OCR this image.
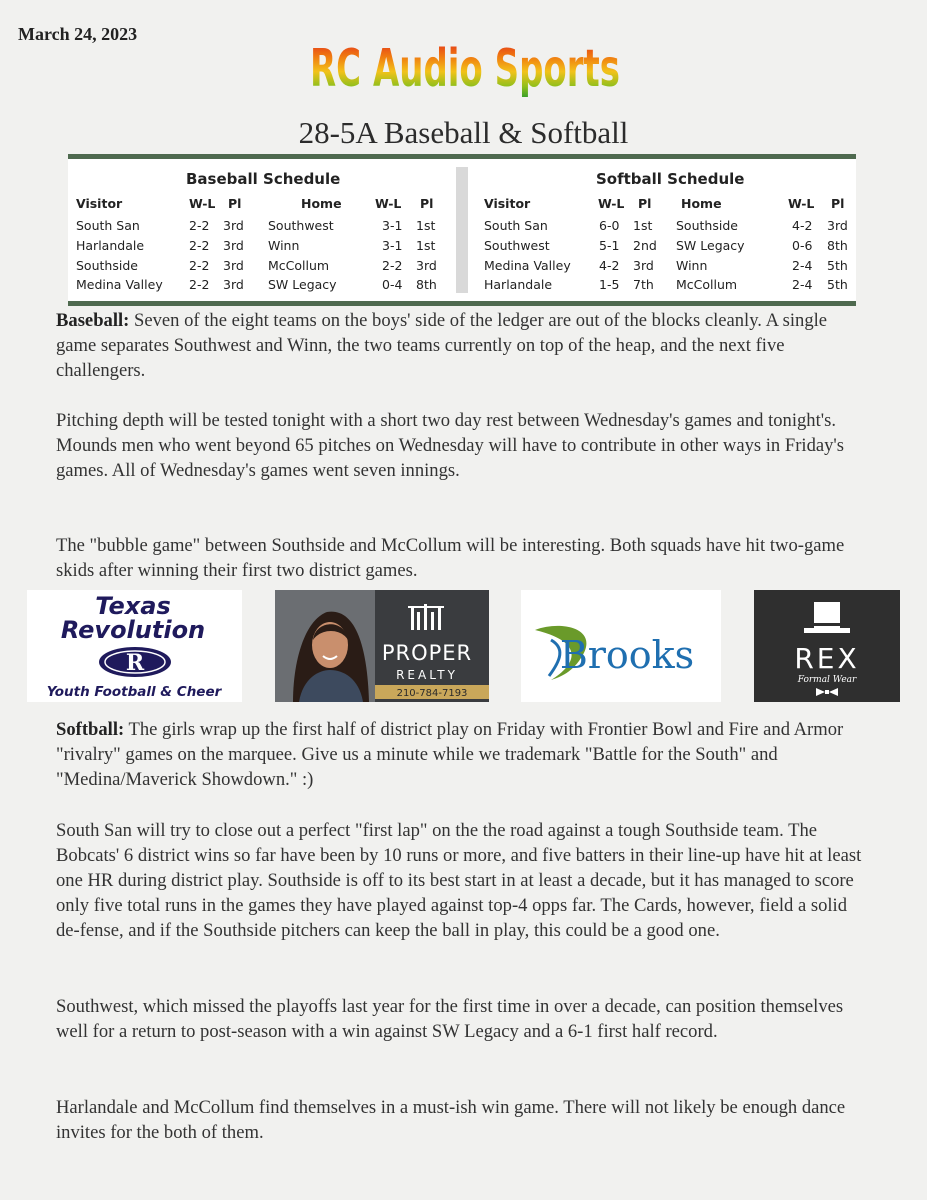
March 24, 2023
RC Audio Sports
28-5A Baseball & Softball
Baseball Schedule
Visitor	W-L Pl	Home	W-L Pl
South San	2-2 3rd Southwest	3-1 1st
Harlandale	2-2 3rd Winn	3-1 1st
Southside	2-2 3rd McCollum	2-2 3rd
Medina Valley 2-2 3rd SW Legacy	0-4 8th
Softball Schedule
Visitor	W-L Pl Home	W-L Pl
South San	6-0 1st Southside	4-2 3rd
Southwest	5-1 2nd SW Legacy	0-6 8th
Medina Valley 4-2 3rd Winn	2-4 5th
Harlandale	1-5 7th McCollum	2-4 5th
Baseball: Seven of the eight teams on the boys' side of the ledger are out of the blocks cleanly. A single game separates Southwest and Winn, the two teams currently on top of the heap, and the next five challengers.
Pitching depth will be tested tonight with a short two day rest between Wednesday's games and tonight's. Mounds men who went beyond 65 pitches on Wednesday will have to contribute in other ways in Friday's games. All of Wednesday's games went seven innings.
The "bubble game" between Southside and McCollum will be interesting. Both squads have hit two-game skids after winning their first two district games.
Texas
Revolution
R
Youth Football & Cheer
PROPER
REALTY
210-784-7193
Brooks	REX
Formal Wear
Softball: The girls wrap up the first half of district play on Friday with Frontier Bowl and Fire and Armor "rivalry" games on the marquee. Give us a minute while we trademark "Battle for the South" and "Medina/Maverick Showdown." :)
South San will try to close out a perfect "first lap" on the the road against a tough Southside team. The Bobcats' 6 district wins so far have been by 10 runs or more, and five batters in their line-up have hit at least one HR during district play. Southside is off to its best start in at least a decade, but it has managed to score only five total runs in the games they have played against top-4 opps far. The Cards, however, field a solid de-fense, and if the Southside pitchers can keep the ball in play, this could be a good one.
Southwest, which missed the playoffs last year for the first time in over a decade, can position themselves well for a return to post-season with a win against SW Legacy and a 6-1 first half record.
Harlandale and McCollum find themselves in a must-ish win game. There will not likely be enough dance invites for the both of them.
